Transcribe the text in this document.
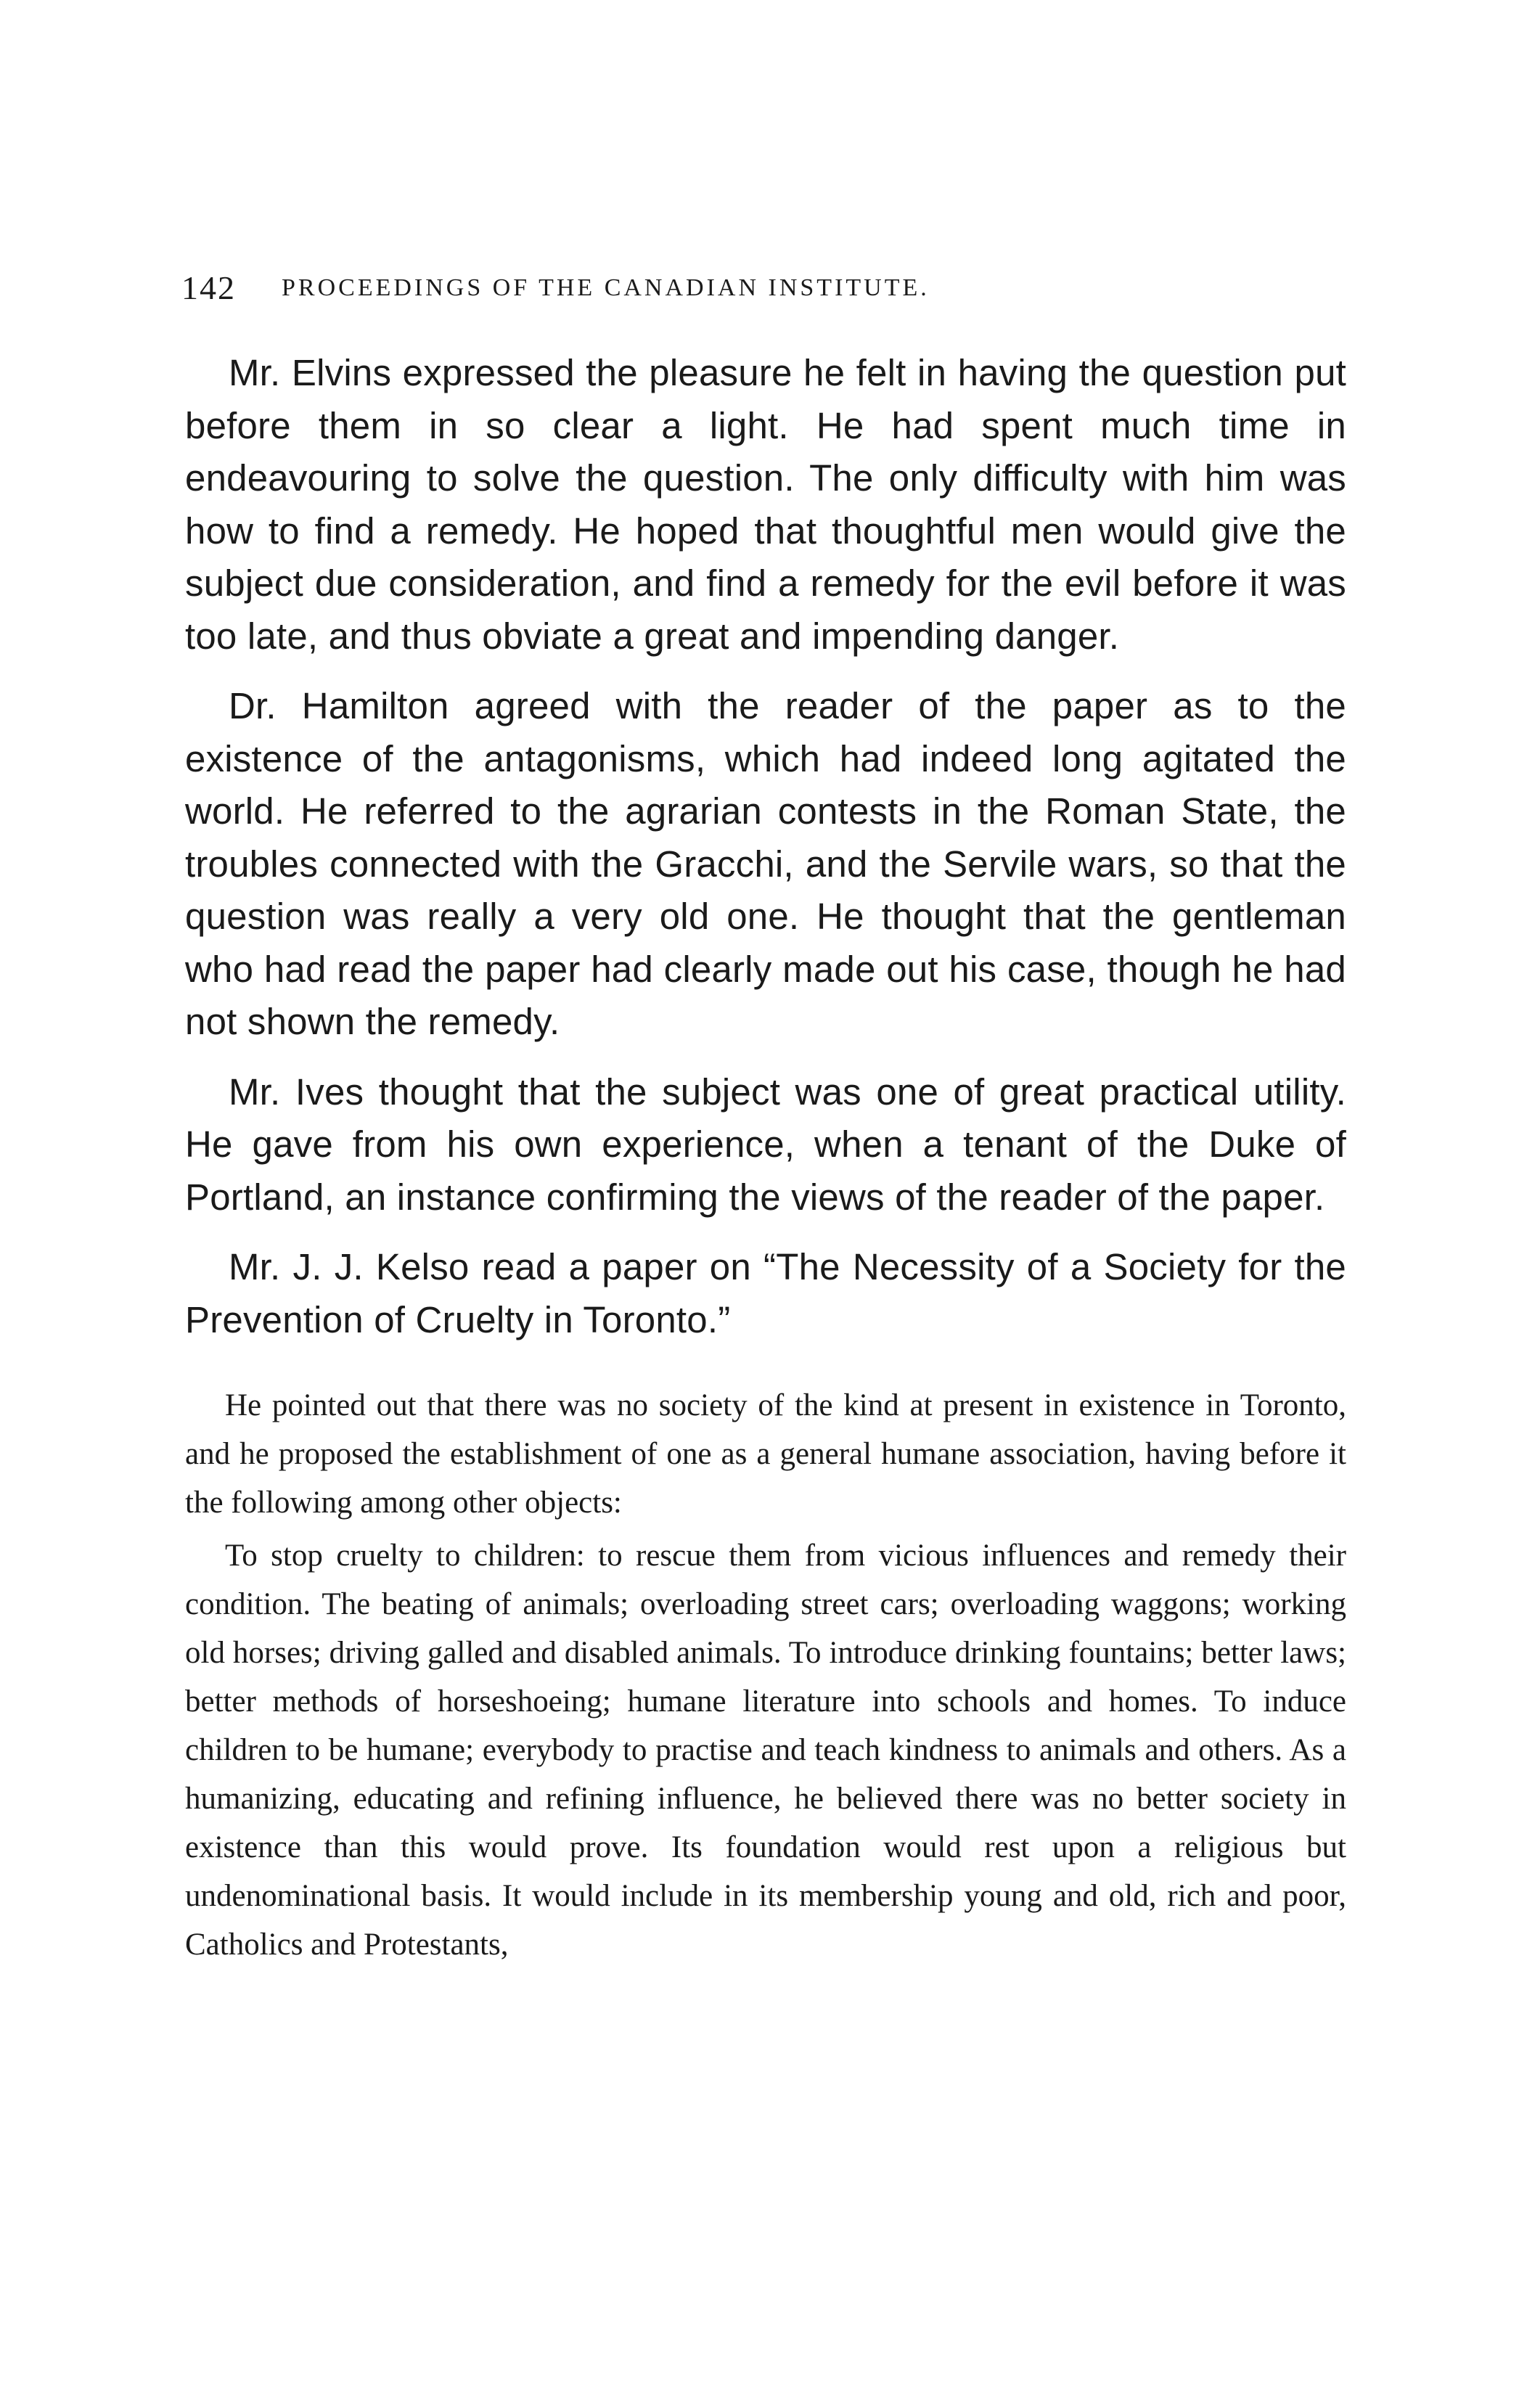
142 PROCEEDINGS OF THE CANADIAN INSTITUTE.

Mr. Elvins expressed the pleasure he felt in having the question put before them in so clear a light. He had spent much time in endeavouring to solve the question. The only difficulty with him was how to find a remedy. He hoped that thoughtful men would give the subject due consideration, and find a remedy for the evil before it was too late, and thus obviate a great and impending danger.

Dr. Hamilton agreed with the reader of the paper as to the existence of the antagonisms, which had indeed long agitated the world. He referred to the agrarian contests in the Roman State, the troubles connected with the Gracchi, and the Servile wars, so that the question was really a very old one. He thought that the gentleman who had read the paper had clearly made out his case, though he had not shown the remedy.

Mr. Ives thought that the subject was one of great practical utility. He gave from his own experience, when a tenant of the Duke of Portland, an instance confirming the views of the reader of the paper.

Mr. J. J. Kelso read a paper on “The Necessity of a Society for the Prevention of Cruelty in Toronto.”

He pointed out that there was no society of the kind at present in existence in Toronto, and he proposed the establishment of one as a general humane association, having before it the following among other objects:

To stop cruelty to children: to rescue them from vicious influences and remedy their condition. The beating of animals; overloading street cars; overloading waggons; working old horses; driving galled and disabled animals. To introduce drinking fountains; better laws; better methods of horseshoeing; humane literature into schools and homes. To induce children to be humane; everybody to practise and teach kindness to animals and others. As a humanizing, educating and refining influence, he believed there was no better society in existence than this would prove. Its foundation would rest upon a religious but undenominational basis. It would include in its membership young and old, rich and poor, Catholics and Protestants,
